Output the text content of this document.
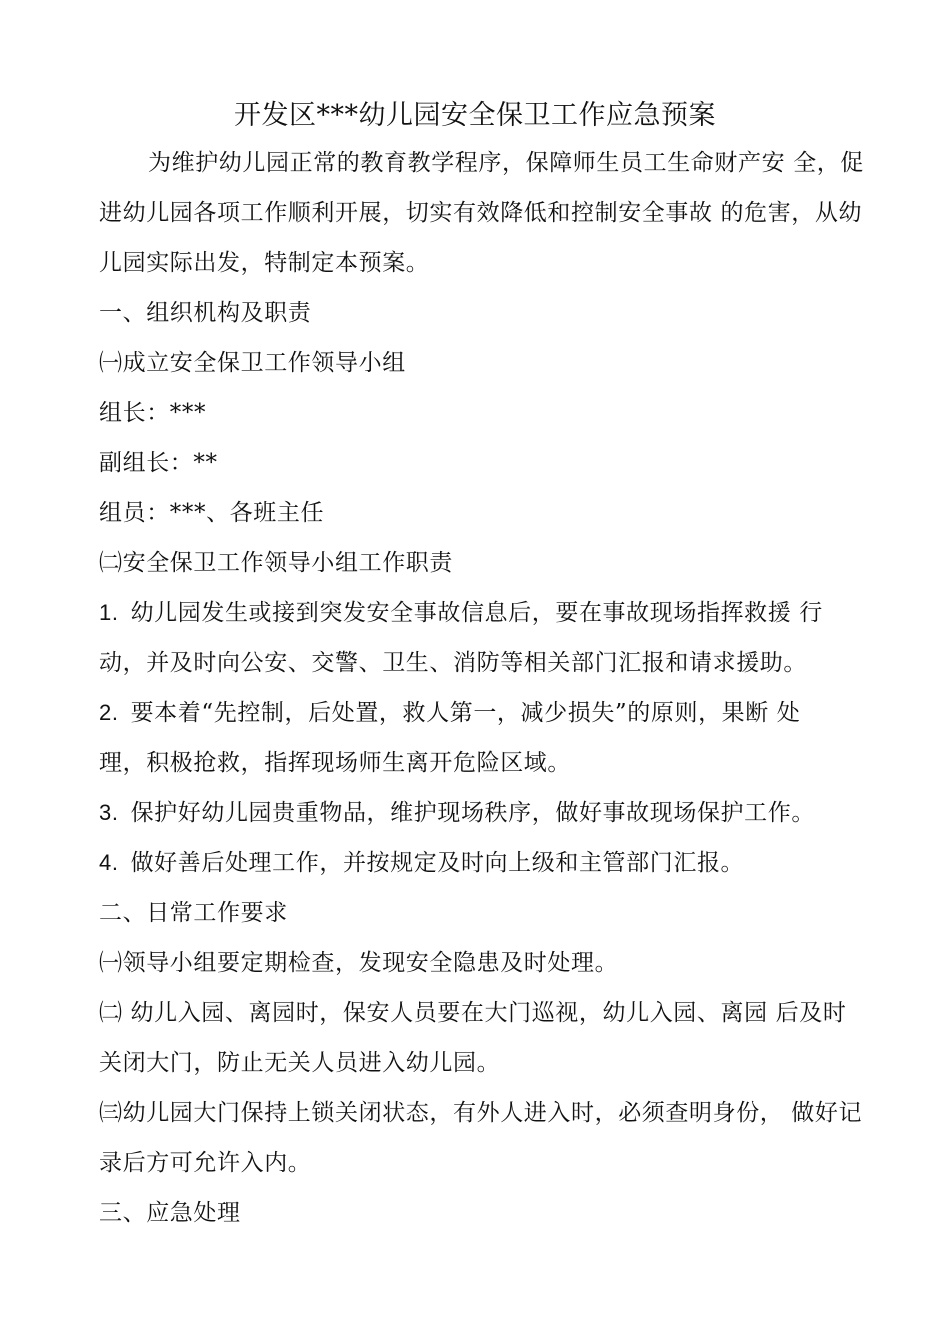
开发区***幼儿园安全保卫工作应急预案
为维护幼儿园正常的教育教学程序，保障师生员工生命财产安 全，促
进幼儿园各项工作顺利开展，切实有效降低和控制安全事故 的危害，从幼
儿园实际出发，特制定本预案。
一、组织机构及职责
㈠成立安全保卫工作领导小组
组长：***
副组长：**
组员：***、各班主任
㈡安全保卫工作领导小组工作职责
1. 幼儿园发生或接到突发安全事故信息后，要在事故现场指挥救援 行
动，并及时向公安、交警、卫生、消防等相关部门汇报和请求援助。
2. 要本着“先控制，后处置，救人第一，减少损失”的原则，果断 处
理，积极抢救，指挥现场师生离开危险区域。
3. 保护好幼儿园贵重物品，维护现场秩序，做好事故现场保护工作。
4. 做好善后处理工作，并按规定及时向上级和主管部门汇报。
二、日常工作要求
㈠领导小组要定期检查，发现安全隐患及时处理。
㈡ 幼儿入园、离园时，保安人员要在大门巡视，幼儿入园、离园 后及时
关闭大门，防止无关人员进入幼儿园。
㈢幼儿园大门保持上锁关闭状态，有外人进入时，必须查明身份， 做好记
录后方可允许入内。
三、应急处理
